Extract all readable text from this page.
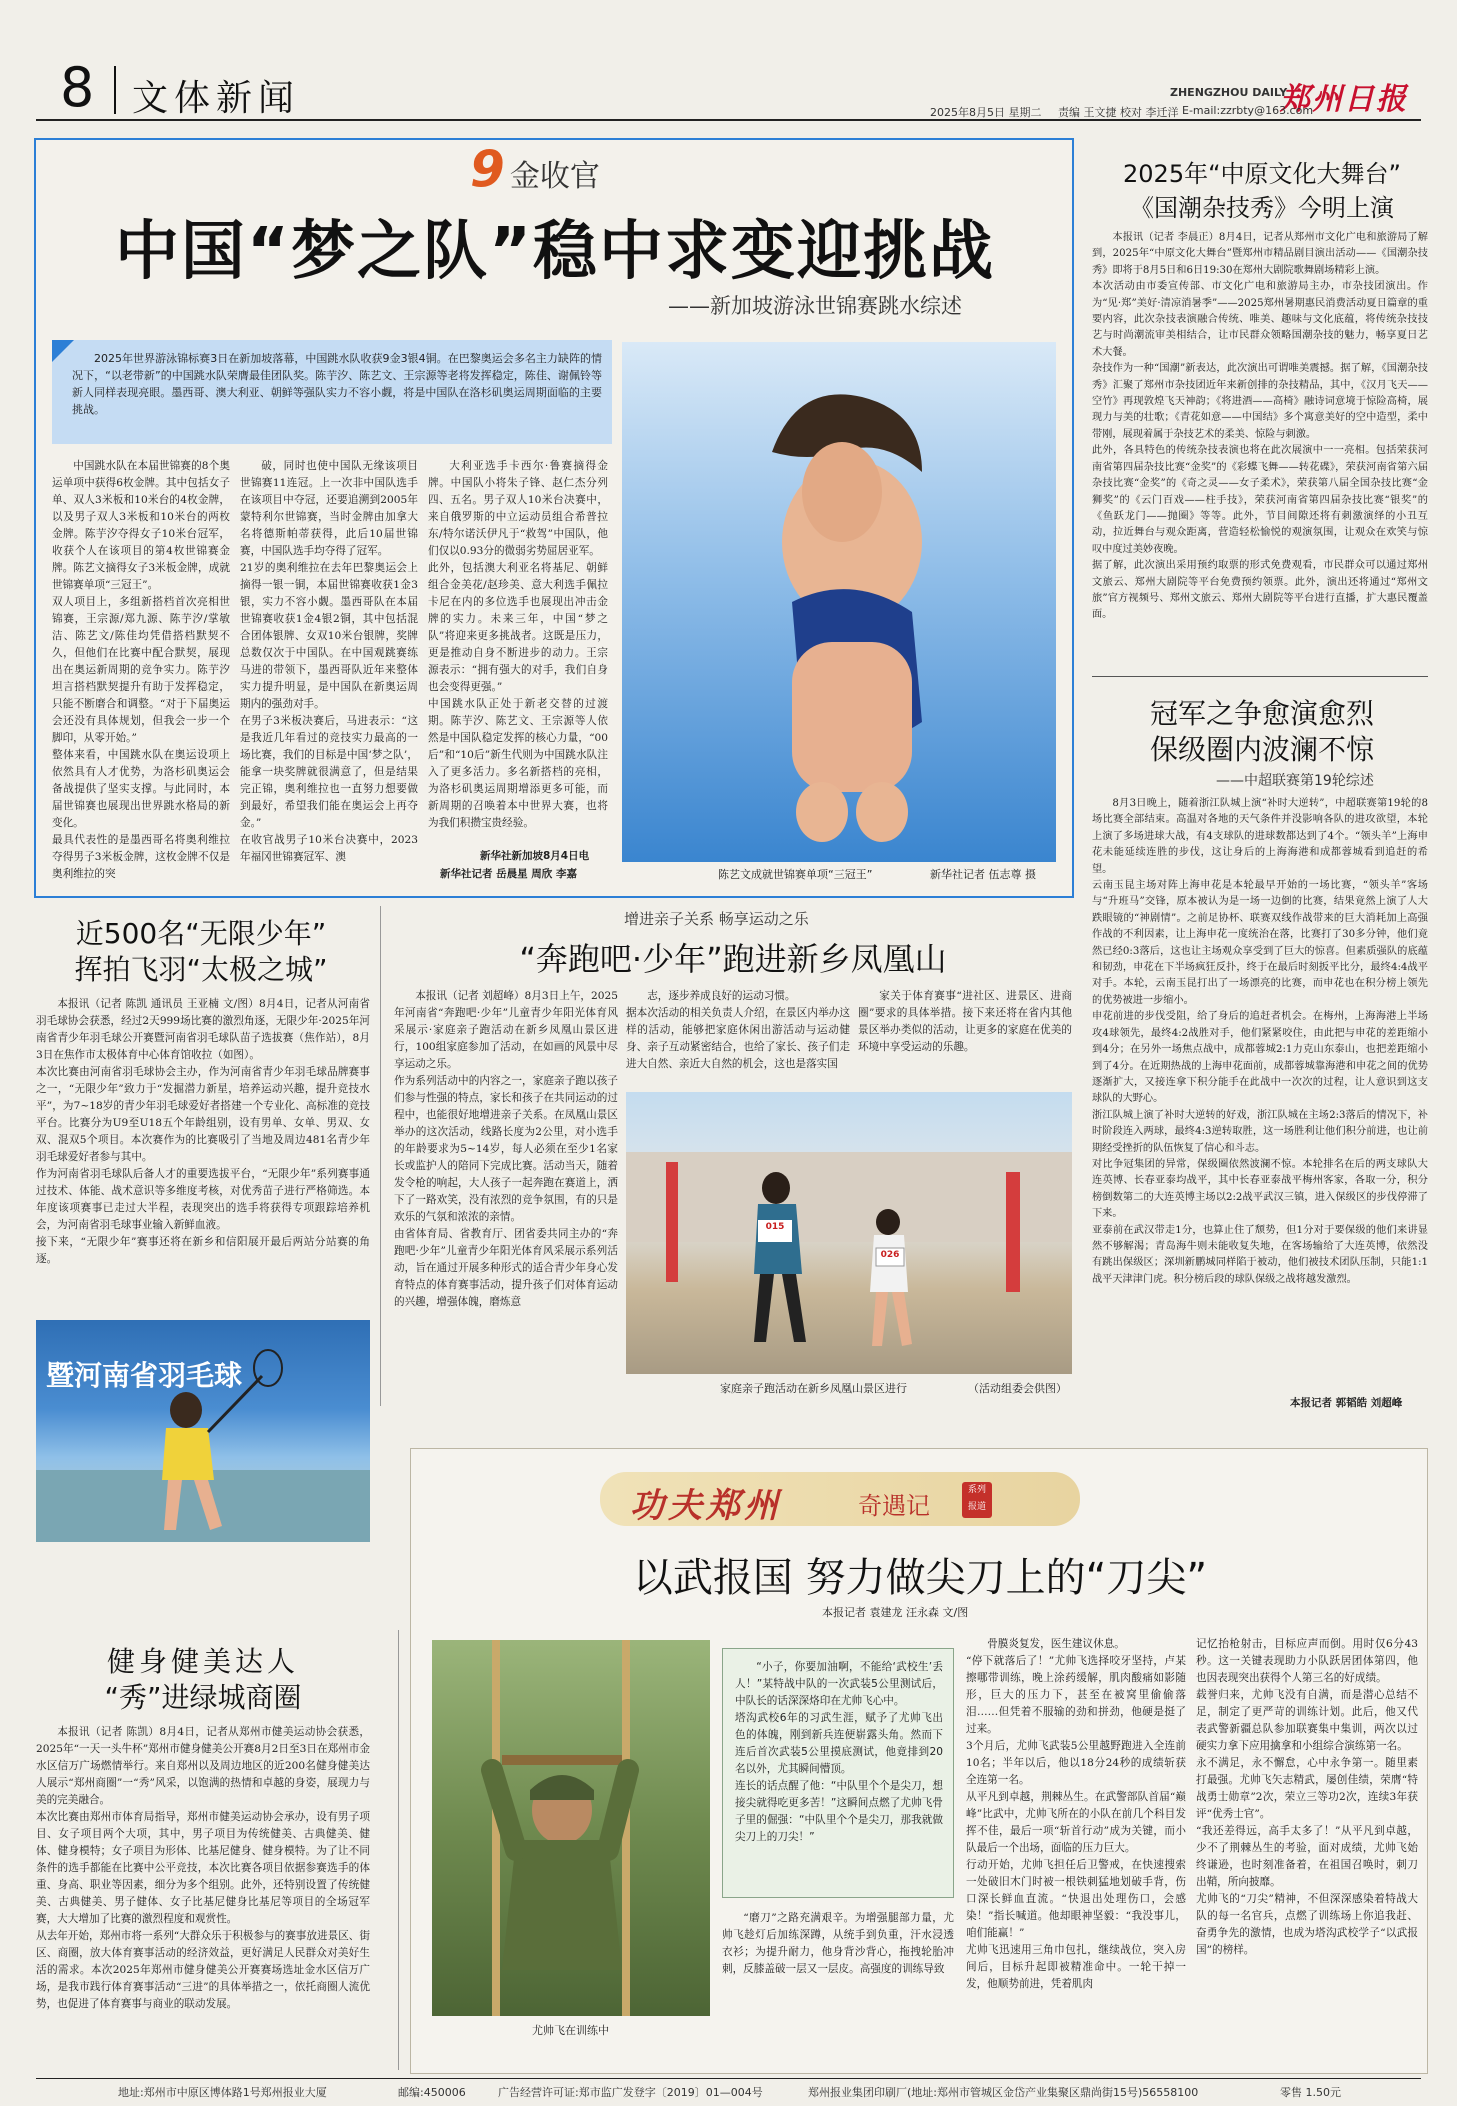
8 文体新闻	ZHENGZHOU DAILY
郑州日报
2025年8月5日 星期二 责编 王文捷 校对 李迁洋 E-mail:zzrbty@163.com
9 金收官
中国“梦之队”稳中求变迎挑战
——新加坡游泳世锦赛跳水综述
2025年世界游泳锦标赛3日在新加坡落幕，中国跳水队收获9金3银4铜。在巴黎奥运会多名主力缺阵的情况下，“以老带新”的中国跳水队荣膺最佳团队奖。陈芋汐、陈艺文、王宗源等老将发挥稳定，陈佳、谢佩铃等新人同样表现亮眼。墨西哥、澳大利亚、朝鲜等强队实力不容小觑，将是中国队在洛杉矶奥运周期面临的主要挑战。
中国跳水队在本届世锦赛的8个奥运单项中获得6枚金牌。其中包括女子单、双人3米板和10米台的4枚金牌，以及男子双人3米板和10米台的两枚金牌。陈芋汐夺得女子10米台冠军，收获个人在该项目的第4枚世锦赛金牌。陈艺文摘得女子3米板金牌，成就世锦赛单项“三冠王”。
双人项目上，多组新搭档首次亮相世锦赛，王宗源/郑九源、陈芋汐/掌敏洁、陈艺文/陈佳均凭借搭档默契不久，但他们在比赛中配合默契，展现出在奥运新周期的竞争实力。陈芋汐坦言搭档默契提升有助于发挥稳定，只能不断磨合和调整。“对于下届奥运会还没有具体规划，但我会一步一个脚印，从零开始。”
整体来看，中国跳水队在奥运设项上依然具有人才优势，为洛杉矶奥运会备战提供了坚实支撑。与此同时，本届世锦赛也展现出世界跳水格局的新变化。
最具代表性的是墨西哥名将奥利维拉夺得男子3米板金牌，这枚金牌不仅是奥利维拉的突
破，同时也使中国队无缘该项目世锦赛11连冠。上一次非中国队选手在该项目中夺冠，还要追溯到2005年蒙特利尔世锦赛，当时金牌由加拿大名将德斯帕蒂获得，此后10届世锦赛，中国队选手均夺得了冠军。
21岁的奥利维拉在去年巴黎奥运会上摘得一银一铜，本届世锦赛收获1金3银，实力不容小觑。墨西哥队在本届世锦赛收获1金4银2铜，其中包括混合团体银牌、女双10米台银牌，奖牌总数仅次于中国队。在中国观跳赛练马进的带领下，墨西哥队近年来整体实力提升明显，是中国队在新奥运周期内的强劲对手。
在男子3米板决赛后，马进表示：“这是我近几年看过的竞技实力最高的一场比赛，我们的目标是中国‘梦之队’，能拿一块奖牌就很满意了，但是结果完正锦，奥利维拉也一直努力想要做到最好，希望我们能在奥运会上再夺金。”
在收官战男子10米台决赛中，2023年福冈世锦赛冠军、澳
大利亚选手卡西尔·鲁赛摘得金牌。中国队小将朱子锋、赵仁杰分列四、五名。男子双人10米台决赛中，来自俄罗斯的中立运动员组合希普拉东/特尔诺沃伊凡于“救驾”中国队，他们仅以0.93分的微弱劣势屈居亚军。
此外，包括澳大利亚名将基尼、朝鲜组合金美花/赵珍美、意大利选手佩拉卡尼在内的多位选手也展现出冲击金牌的实力。未来三年，中国“梦之队”将迎来更多挑战者。这既是压力，更是推动自身不断进步的动力。王宗源表示：“拥有强大的对手，我们自身也会变得更强。”
中国跳水队正处于新老交替的过渡期。陈芋汐、陈艺文、王宗源等人依然是中国队稳定发挥的核心力量，“00后”和“10后”新生代则为中国跳水队注入了更多活力。多名新搭档的亮相，为洛杉矶奥运周期增添更多可能，而新周期的召唤着本中世界大赛，也将为我们积攒宝贵经验。
新华社新加坡8月4日电
新华社记者 岳晨星 周欣 李嘉	陈艺文成就世锦赛单项“三冠王”	新华社记者 伍志尊 摄
2025年“中原文化大舞台”
《国潮杂技秀》今明上演
本报讯（记者 李晨正）8月4日，记者从郑州市文化广电和旅游局了解到，2025年“中原文化大舞台”暨郑州市精品剧目演出活动——《国潮杂技秀》即将于8月5日和6日19:30在郑州大剧院歌舞剧场精彩上演。
本次活动由市委宣传部、市文化广电和旅游局主办，市杂技团演出。作为“见·郑”美好·清凉消暑季”——2025郑州暑期惠民消费活动夏日篇章的重要内容，此次杂技表演融合传统、唯美、趣味与文化底蕴，将传统杂技技艺与时尚潮流审美相结合，让市民群众领略国潮杂技的魅力，畅享夏日艺术大餐。
杂技作为一种“国潮”新表达，此次演出可谓唯美震撼。据了解，《国潮杂技秀》汇聚了郑州市杂技团近年来新创排的杂技精品，其中，《汉月飞天——空竹》再现敦煌飞天神韵；《将进酒——高椅》融诗词意境于惊险高椅，展现力与美的壮歌；《青花如意——中国结》多个寓意美好的空中造型，柔中带刚，展现着属于杂技艺术的柔美、惊险与刺激。
此外，各具特色的传统杂技表演也将在此次展演中一一亮相。包括荣获河南省第四届杂技比赛“金奖”的《彩蝶飞舞——转花碟》，荣获河南省第六届杂技比赛“金奖”的《奇之灵——女子柔术》，荣获第八届全国杂技比赛“金狮奖”的《云门百戏——柱手技》，荣获河南省第四届杂技比赛“银奖”的《鱼跃龙门——抛圈》等等。此外，节目间隙还将有刺激演绎的小丑互动，拉近舞台与观众距离，营造轻松愉悦的观演氛围，让观众在欢笑与惊叹中度过美妙夜晚。
据了解，此次演出采用预约取票的形式免费观看，市民群众可以通过郑州文旅云、郑州大剧院等平台免费预约领票。此外，演出还将通过“郑州文旅”官方视频号、郑州文旅云、郑州大剧院等平台进行直播，扩大惠民覆盖面。
冠军之争愈演愈烈
保级圈内波澜不惊
——中超联赛第19轮综述
8月3日晚上，随着浙江队城上演“补时大逆转”，中超联赛第19轮的8场比赛全部结束。高温对各地的天气条件并没影响各队的进攻欲望，本轮上演了多场进球大战，有4支球队的进球数都达到了4个。“领头羊”上海申花未能延续连胜的步伐，这让身后的上海海港和成都蓉城看到追赶的希望。
云南玉昆主场对阵上海申花是本轮最早开始的一场比赛，“领头羊”客场与“升班马”交锋，原本被认为是一场一边倒的比赛，结果竟然上演了人大跌眼镜的“神剧情”。之前足协杯、联赛双线作战带来的巨大消耗加上高强作战的不利因素，让上海申花一度统治在落，比赛打了30多分钟，他们竟然已经0:3落后，这也让主场观众享受到了巨大的惊喜。但素质强队的底蕴和韧劲，申花在下半场疯狂反扑，终于在最后时刻扳平比分，最终4:4战平对手。本轮，云南玉昆打出了一场漂亮的比赛，而申花也在积分榜上领先的优势被进一步缩小。
申花前进的步伐受阻，给了身后的追赶者机会。在梅州，上海海港上半场攻4球领先，最终4:2战胜对手，他们紧紧咬住，由此把与申花的差距缩小到4分；在另外一场焦点战中，成都蓉城2:1力克山东泰山，也把差距缩小到了4分。在近期热战的上海申花面前，成都蓉城靠海港和申花之间的优势逐渐扩大，又接连拿下积分能手在此战中一次次的过程，让人意识到这支球队的大野心。
浙江队城上演了补时大逆转的好戏，浙江队城在主场2:3落后的情况下，补时阶段连入两球，最终4:3逆转取胜，这一场胜利让他们积分前进，也让前期经受挫折的队伍恢复了信心和斗志。
对比争冠集团的异常，保级圈依然波澜不惊。本轮排名在后的两支球队大连英博、长春亚泰均战平，其中长春亚泰战平梅州客家，各取一分，积分榜倒数第二的大连英博主场以2:2战平武汉三镇，进入保级区的步伐停滞了下来。
亚泰前在武汉带走1分，也算止住了颓势，但1分对于要保级的他们来讲显然不够解渴；青岛海牛则未能收复失地，在客场输给了大连英博，依然没有跳出保级区；深圳新鹏城同样陷于被动，他们被技术团队压制，只能1:1战平天津津门虎。积分榜后段的球队保级之战将越发激烈。
本报记者 郭韬皓 刘超峰
近500名“无限少年”
挥拍飞羽“太极之城”
本报讯（记者 陈凯 通讯员 王亚楠 文/图）8月4日，记者从河南省羽毛球协会获悉，经过2天999场比赛的激烈角逐，无限少年·2025年河南省青少年羽毛球公开赛暨河南省羽毛球队苗子选拔赛（焦作站），8月3日在焦作市太极体育中心体育馆收拉（如图）。
本次比赛由河南省羽毛球协会主办，作为河南省青少年羽毛球品牌赛事之一，“无限少年”致力于“发掘潜力新星，培养运动兴趣，提升竞技水平”，为7~18岁的青少年羽毛球爱好者搭建一个专业化、高标准的竞技平台。比赛分为U9至U18五个年龄组别，设有男单、女单、男双、女双、混双5个项目。本次赛作为的比赛吸引了当地及周边481名青少年羽毛球爱好者参与其中。
作为河南省羽毛球队后备人才的重要选拔平台，“无限少年”系列赛事通过技术、体能、战术意识等多维度考核，对优秀苗子进行严格筛选。本年度该项赛事已走过大半程，表现突出的选手将获得专项跟踪培养机会，为河南省羽毛球事业输入新鲜血液。
接下来，“无限少年”赛事还将在新乡和信阳展开最后两站分站赛的角逐。
暨河南省羽毛球
增进亲子关系 畅享运动之乐
“奔跑吧·少年”跑进新乡凤凰山
本报讯（记者 刘超峰）8月3日上午，2025年河南省“奔跑吧·少年”儿童青少年阳光体育风采展示·家庭亲子跑活动在新乡凤凰山景区进行，100组家庭参加了活动，在如画的风景中尽享运动之乐。
作为系列活动中的内容之一，家庭亲子跑以孩子们参与性强的特点，家长和孩子在共同运动的过程中，也能很好地增进亲子关系。在凤凰山景区举办的这次活动，线路长度为2公里，对小选手的年龄要求为5~14岁，每人必须在至少1名家长或监护人的陪同下完成比赛。活动当天，随着发令枪的响起，大人孩子一起奔跑在赛道上，洒下了一路欢笑，没有浓烈的竞争氛围，有的只是欢乐的气氛和浓浓的亲情。
由省体育局、省教育厅、团省委共同主办的“奔跑吧·少年”儿童青少年阳光体育风采展示系列活动，旨在通过开展多种形式的适合青少年身心发育特点的体育赛事活动，提升孩子们对体育运动的兴趣，增强体魄，磨炼意
志，逐步养成良好的运动习惯。
据本次活动的相关负责人介绍，在景区内举办这样的活动，能够把家庭休闲出游活动与运动健身、亲子互动紧密结合，也给了家长、孩子们走进大自然、亲近大自然的机会，这也是落实国
家关于体育赛事“进社区、进景区、进商圈”要求的具体举措。接下来还将在省内其他景区举办类似的活动，让更多的家庭在优美的环境中享受运动的乐趣。
015
026
家庭亲子跑活动在新乡凤凰山景区进行	（活动组委会供图）
健身健美达人
“秀”进绿城商圈
本报讯（记者 陈凯）8月4日，记者从郑州市健美运动协会获悉，2025年“一天一头牛杯”郑州市健身健美公开赛8月2日至3日在郑州市金水区信万广场燃情举行。来自郑州以及周边地区的近200名健身健美达人展示“郑州商圈”一“秀”风采，以饱满的热情和卓越的身姿，展现力与美的完美融合。
本次比赛由郑州市体育局指导，郑州市健美运动协会承办，设有男子项目、女子项目两个大项，其中，男子项目为传统健美、古典健美、健体、健身模特；女子项目为形体、比基尼健身、健身模特。为了让不同条件的选手都能在比赛中公平竞技，本次比赛各项目依据参赛选手的体重、身高、职业等因素，细分为多个组别。此外，还特别设置了传统健美、古典健美、男子健体、女子比基尼健身比基尼等项目的全场冠军赛，大大增加了比赛的激烈程度和观赏性。
从去年开始，郑州市将一系列“大群众乐于积极参与的赛事放进景区、街区、商圈，放大体育赛事活动的经济效益，更好满足人民群众对美好生活的需求。本次2025年郑州市健身健美公开赛赛场选址金水区信万广场，是我市践行体育赛事活动“三进”的具体举措之一，依托商圈人流优势，也促进了体育赛事与商业的联动发展。
功夫郑州	奇遇记
系列
报道
以武报国 努力做尖刀上的“刀尖”
本报记者 袁建龙 汪永森 文/图
尤帅飞在训练中
“小子，你要加油啊，不能给‘武校生’丢人！”某特战中队的一次武装5公里测试后，中队长的话深深烙印在尤帅飞心中。
塔沟武校6年的习武生涯，赋予了尤帅飞出色的体魄，刚到新兵连便崭露头角。然而下连后首次武装5公里摸底测试，他竟排到20名以外，尤其瞬间懵顶。
连长的话点醒了他：“中队里个个是尖刀，想接尖就得吃更多苦！”这瞬间点燃了尤帅飞骨子里的倔强：“中队里个个是尖刀，那我就做尖刀上的刀尖！”
“磨刀”之路充满艰辛。为增强腿部力量，尤帅飞趁灯后加练深蹲，从统手到负重，汗水浸透衣衫；为提升耐力，他身背沙背心，拖拽轮胎冲刺，反膝盖破一层又一层皮。高强度的训练导致
骨膜炎复发，医生建议休息。
“停下就落后了！”尤帅飞选择咬牙坚持，卢某擦哪带训练，晚上涂药缓解，肌肉酸痛如影随形，巨大的压力下，甚至在被窝里偷偷落泪……但凭着不服输的劲和拼劲，他硬是挺了过来。
3个月后，尤帅飞武装5公里越野跑进入全连前10名；半年以后，他以18分24秒的成绩斩获全连第一名。
从平凡到卓越，荆棘丛生。在武警部队首届“巅峰”比武中，尤帅飞所在的小队在前几个科目发挥不佳，最后一项“斩首行动”成为关键，而小队最后一个出场，面临的压力巨大。
行动开始，尤帅飞担任后卫警戒，在快速搜索一处破旧木门时被一根铁刺猛地划破手背，伤口深长鲜血直流。“快退出处理伤口，会感染！”指长喊道。他却眼神坚毅：“我没事儿，咱们能赢！”
尤帅飞迅速用三角巾包扎，继续战位，突入房间后，目标升起即被精准命中。一轮干掉一发，他顺势前进，凭着肌肉
记忆抬枪射击，目标应声而倒。用时仅6分43秒。这一关键表现助力小队跃居团体第四，他也因表现突出获得个人第三名的好成绩。
载誉归来，尤帅飞没有自满，而是潜心总结不足，制定了更严苛的训练计划。此后，他又代表武警新疆总队参加联赛集中集训，两次以过硬实力拿下应用擒拿和小组综合演练第一名。
永不满足，永不懈怠，心中永争第一。随里素打最强。尤帅飞矢志精武，屡创佳绩，荣膺“特战勇士勋章”2次，荣立三等功2次，连续3年获评“优秀士官”。
“我还差得远，高手太多了！”从平凡到卓越，少不了荆棘丛生的考验，面对成绩，尤帅飞始终谦逊，也时刻准备着，在祖国召唤时，刺刀出鞘，所向披靡。
尤帅飞的“刀尖”精神，不但深深感染着特战大队的每一名官兵，点燃了训练场上你追我赶、奋勇争先的激情，也成为塔沟武校学子“以武报国”的榜样。
地址:郑州市中原区博体路1号郑州报业大厦	邮编:450006	广告经营许可证:郑市监广发登字〔2019〕01—004号	郑州报业集团印刷厂(地址:郑州市管城区金岱产业集聚区鼎尚街15号)56558100	零售 1.50元
